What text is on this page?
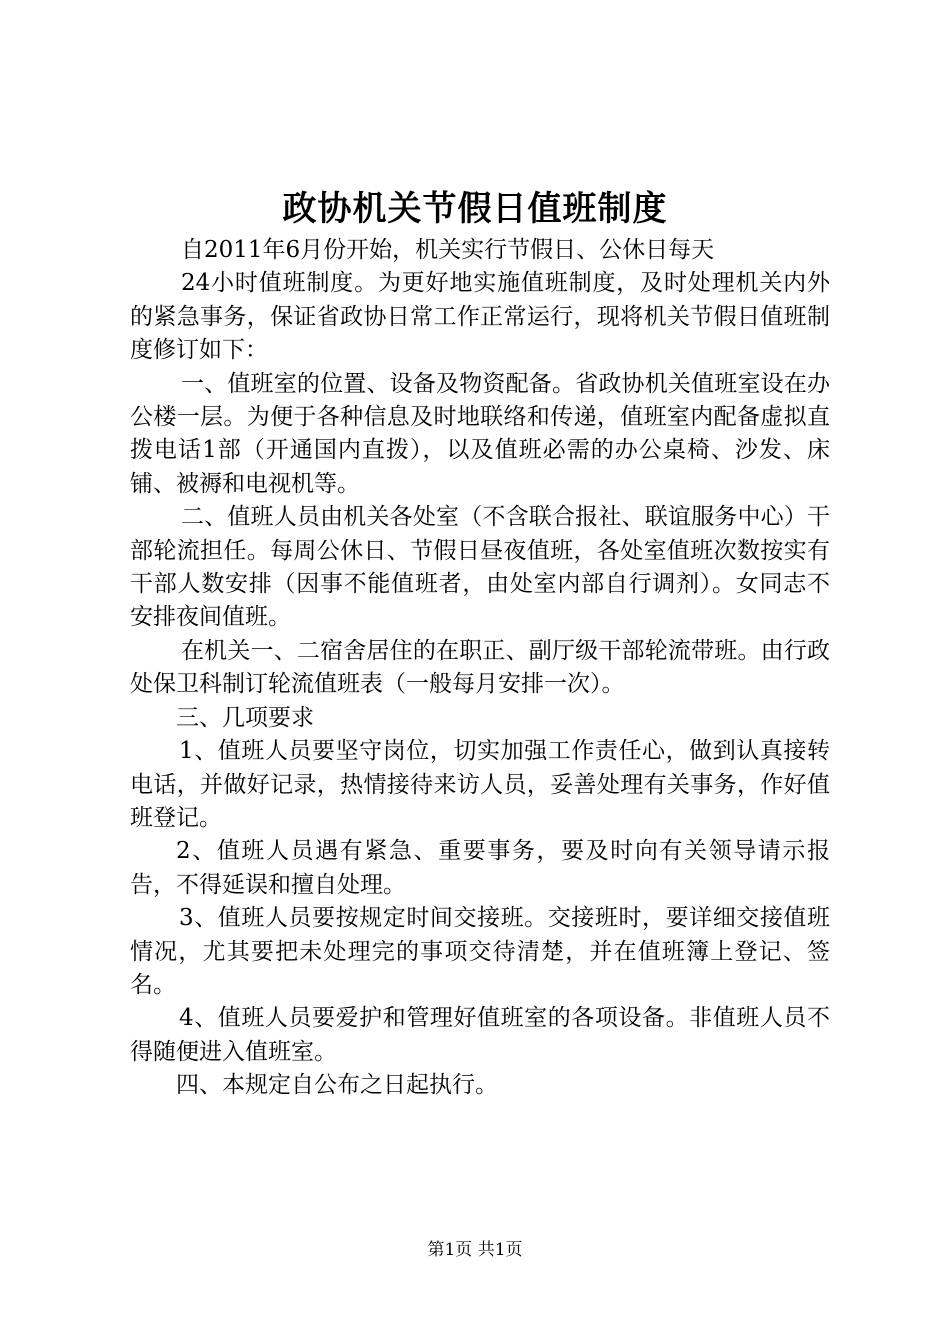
政协机关节假日值班制度

自2011年6月份开始，机关实行节假日、公休日每天

24小时值班制度。为更好地实施值班制度，及时处理机关内外的紧急事务，保证省政协日常工作正常运行，现将机关节假日值班制度修订如下：

一、值班室的位置、设备及物资配备。省政协机关值班室设在办公楼一层。为便于各种信息及时地联络和传递，值班室内配备虚拟直拨电话1部（开通国内直拨），以及值班必需的办公桌椅、沙发、床铺、被褥和电视机等。

二、值班人员由机关各处室（不含联合报社、联谊服务中心）干部轮流担任。每周公休日、节假日昼夜值班，各处室值班次数按实有干部人数安排（因事不能值班者，由处室内部自行调剂）。女同志不安排夜间值班。

在机关一、二宿舍居住的在职正、副厅级干部轮流带班。由行政处保卫科制订轮流值班表（一般每月安排一次）。

三、几项要求

1、值班人员要坚守岗位，切实加强工作责任心，做到认真接转电话，并做好记录，热情接待来访人员，妥善处理有关事务，作好值班登记。

2、值班人员遇有紧急、重要事务，要及时向有关领导请示报告，不得延误和擅自处理。

3、值班人员要按规定时间交接班。交接班时，要详细交接值班情况，尤其要把未处理完的事项交待清楚，并在值班簿上登记、签名。

4、值班人员要爱护和管理好值班室的各项设备。非值班人员不得随便进入值班室。

四、本规定自公布之日起执行。

第1页 共1页
